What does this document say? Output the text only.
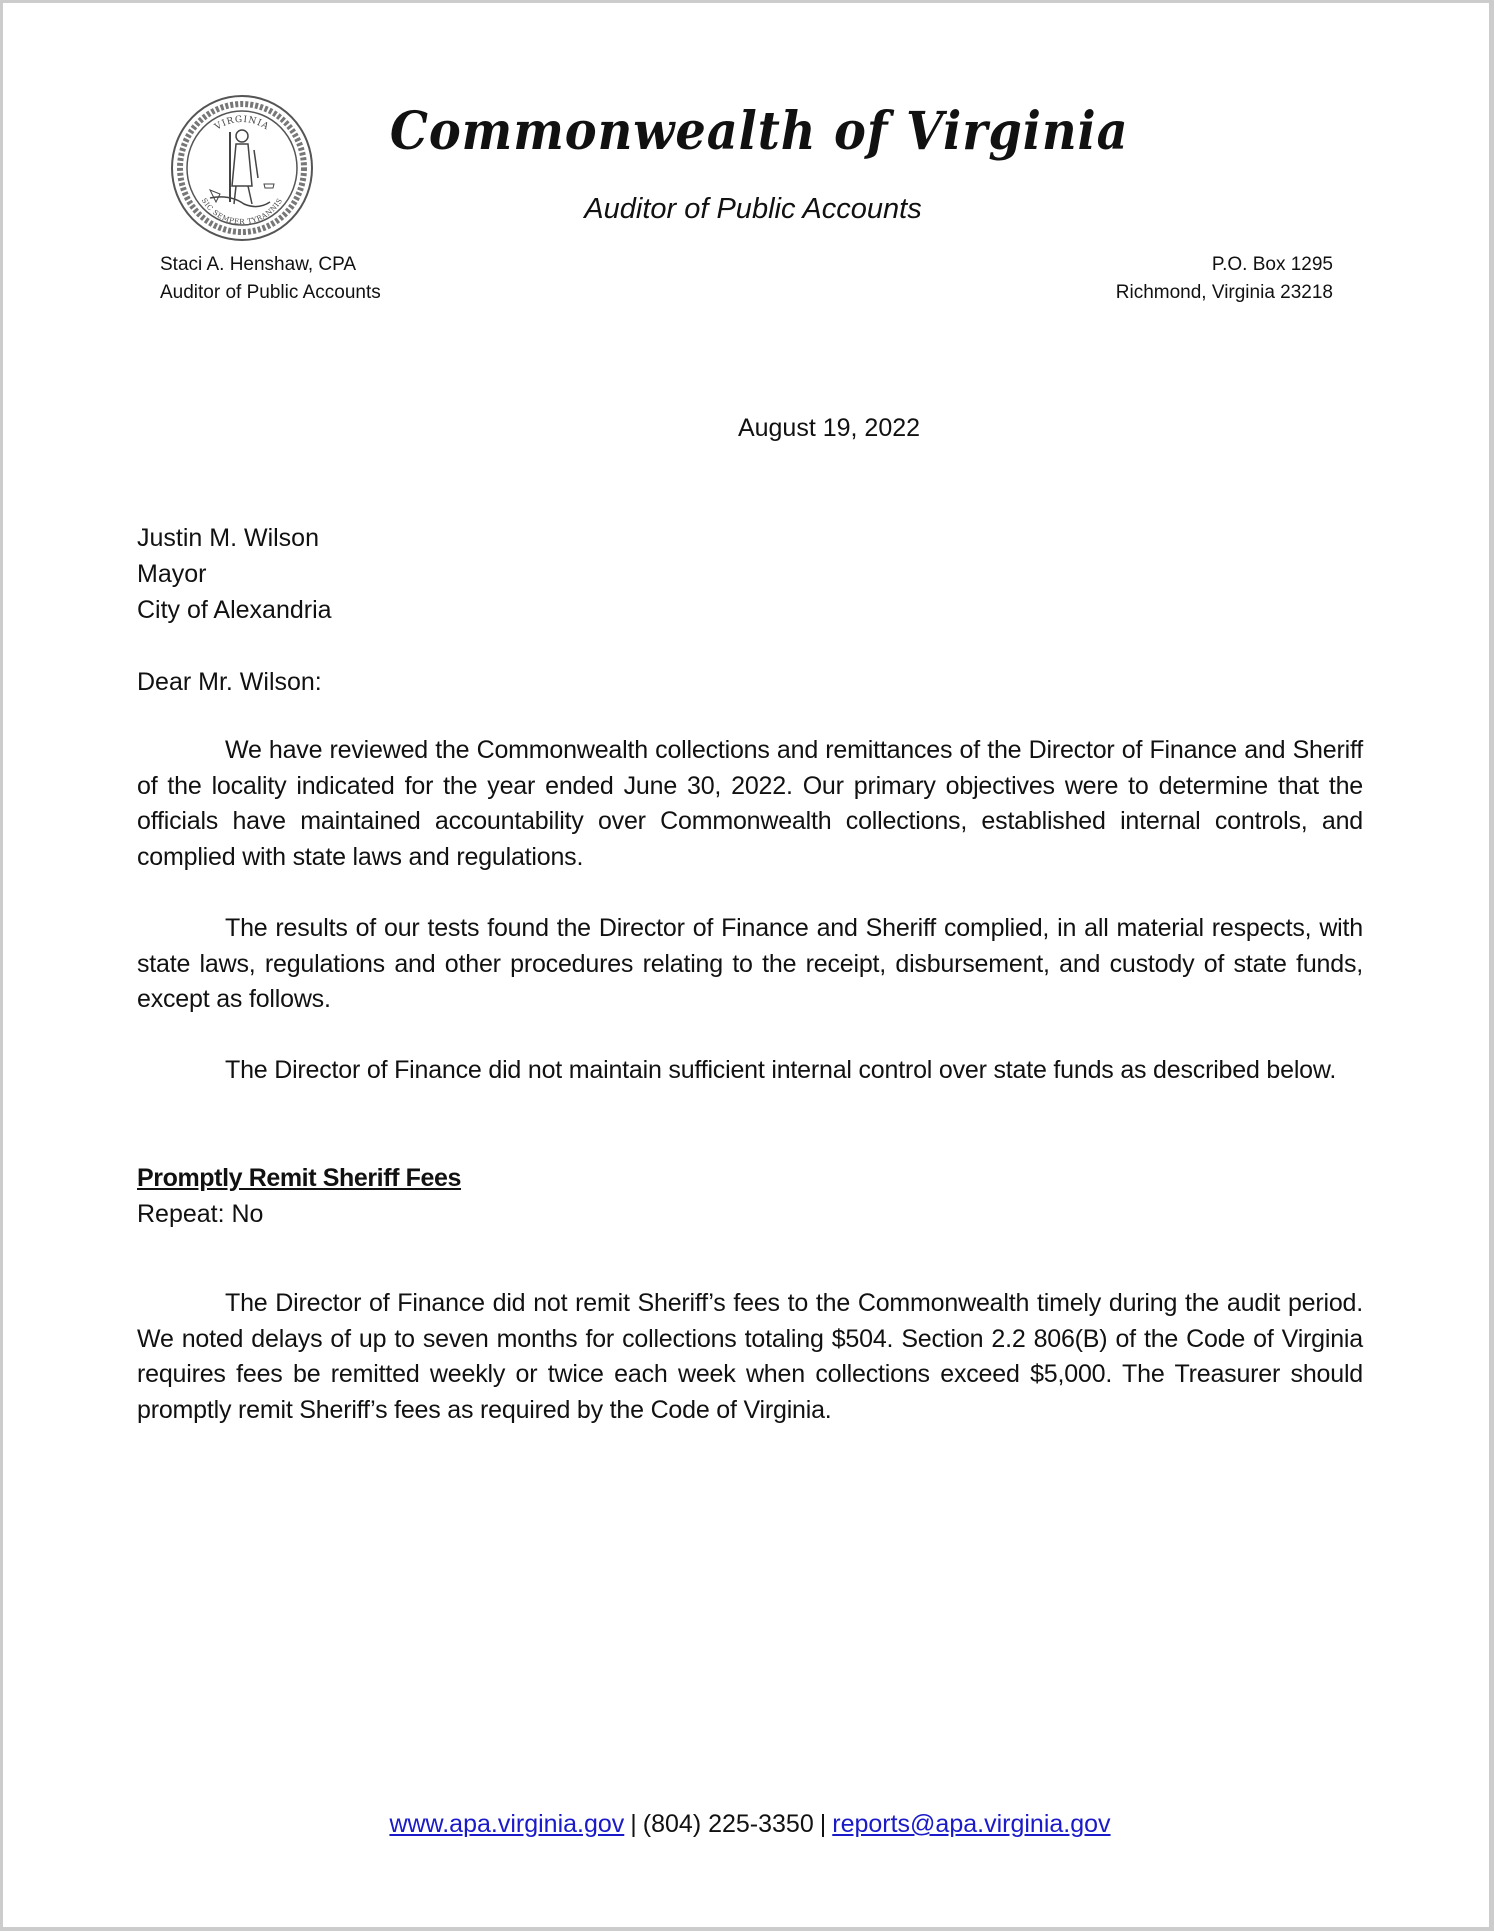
VIRGINIA
SIC SEMPER TYRANNIS
Commonwealth of Virginia
Auditor of Public Accounts
Staci A. Henshaw, CPA
Auditor of Public Accounts
P.O. Box 1295
Richmond, Virginia 23218
August 19, 2022
Justin M. Wilson
Mayor
City of Alexandria
Dear Mr. Wilson:
We have reviewed the Commonwealth collections and remittances of the Director of Finance and Sheriff of the locality indicated for the year ended June 30, 2022. Our primary objectives were to determine that the officials have maintained accountability over Commonwealth collections, established internal controls, and complied with state laws and regulations.
The results of our tests found the Director of Finance and Sheriff complied, in all material respects, with state laws, regulations and other procedures relating to the receipt, disbursement, and custody of state funds, except as follows.
The Director of Finance did not maintain sufficient internal control over state funds as described below.
Promptly Remit Sheriff Fees
Repeat: No
The Director of Finance did not remit Sheriff’s fees to the Commonwealth timely during the audit period. We noted delays of up to seven months for collections totaling $504. Section 2.2 806(B) of the Code of Virginia requires fees be remitted weekly or twice each week when collections exceed $5,000. The Treasurer should promptly remit Sheriff’s fees as required by the Code of Virginia.
www.apa.virginia.gov | (804) 225-3350 | reports@apa.virginia.gov
